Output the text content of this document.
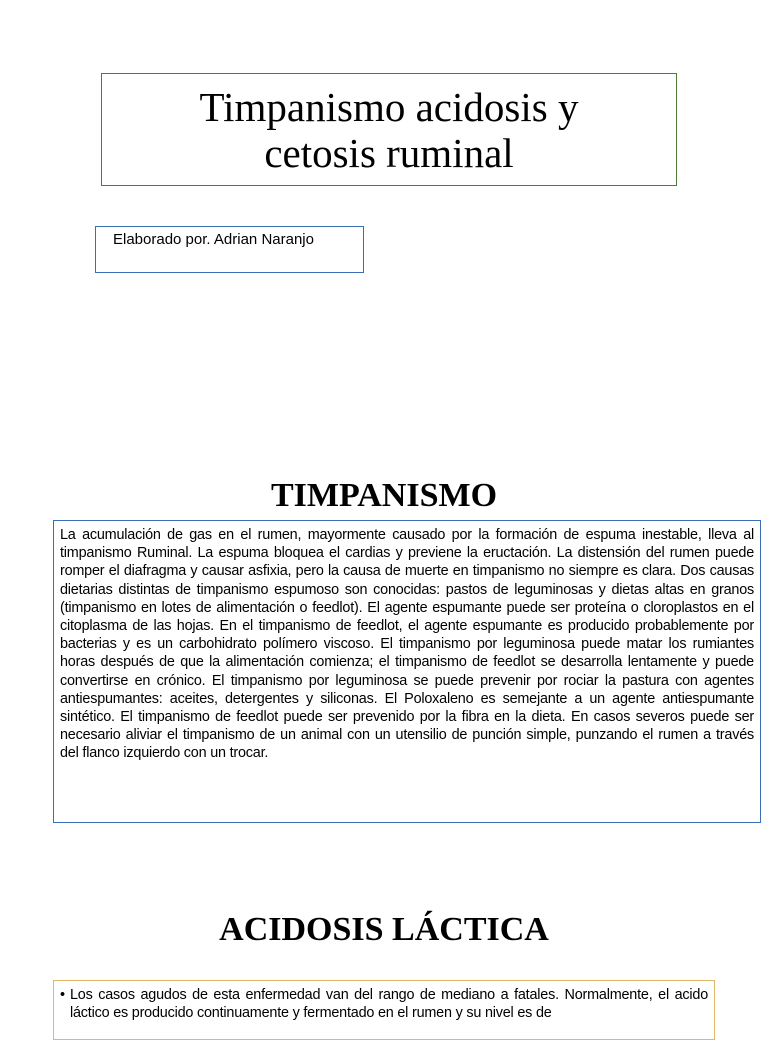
Timpanismo acidosis y
cetosis ruminal
Elaborado por. Adrian Naranjo
TIMPANISMO
La acumulación de gas en el rumen, mayormente causado por la formación de espuma inestable, lleva al timpanismo Ruminal. La espuma bloquea el cardias y previene la eructación. La distensión del rumen puede romper el diafragma y causar asfixia, pero la causa de muerte en timpanismo no siempre es clara. Dos causas dietarias distintas de timpanismo espumoso son conocidas: pastos de leguminosas y dietas altas en granos (timpanismo en lotes de alimentación o feedlot). El agente espumante puede ser proteína o cloroplastos en el citoplasma de las hojas. En el timpanismo de feedlot, el agente espumante es producido probablemente por bacterias y es un carbohidrato polímero viscoso. El timpanismo por leguminosa puede matar los rumiantes horas después de que la alimentación comienza; el timpanismo de feedlot se desarrolla lentamente y puede convertirse en crónico. El timpanismo por leguminosa se puede prevenir por rociar la pastura con agentes antiespumantes: aceites, detergentes y siliconas. El Poloxaleno es semejante a un agente antiespumante sintético. El timpanismo de feedlot puede ser prevenido por la fibra en la dieta. En casos severos puede ser necesario aliviar el timpanismo de un animal con un utensilio de punción simple, punzando el rumen a través del flanco izquierdo con un trocar.
ACIDOSIS LÁCTICA
• Los casos agudos de esta enfermedad van del rango de mediano a fatales. Normalmente, el acido láctico es producido continuamente y fermentado en el rumen y su nivel es de
